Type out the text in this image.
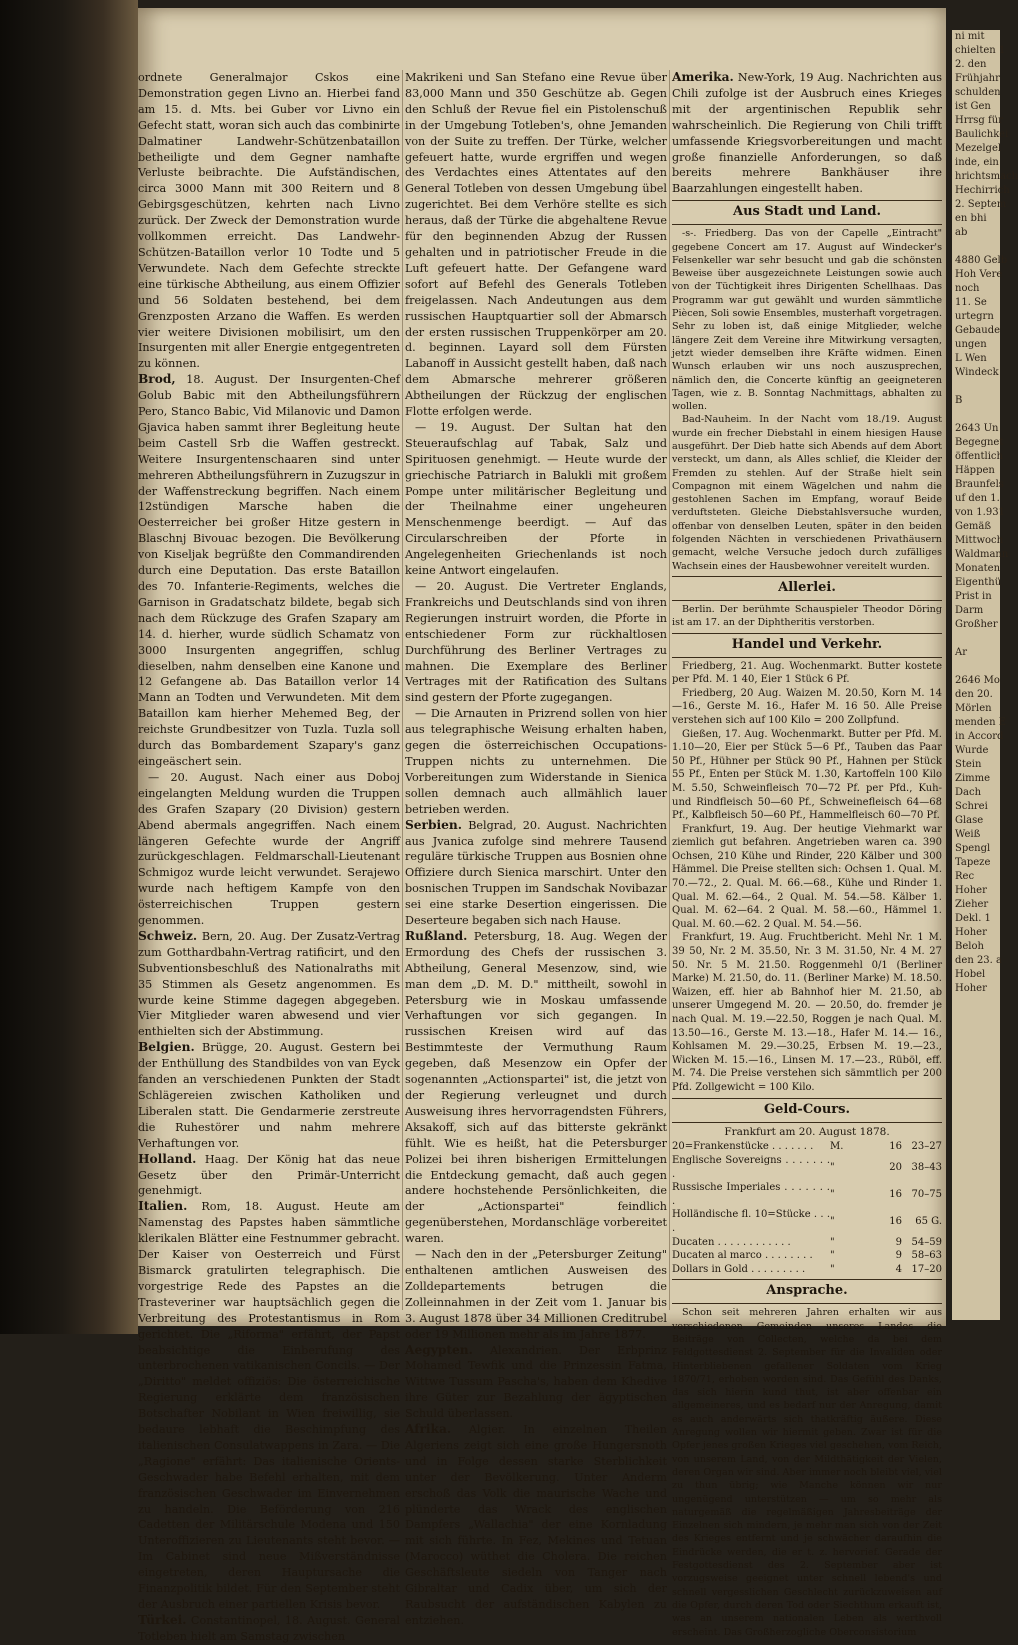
ordnete Generalmajor Cskos eine Demonstration gegen Livno an. Hierbei fand am 15. d. Mts. bei Guber vor Livno ein Gefecht statt, woran sich auch das combinirte Dalmatiner Landwehr-Schützenbataillon betheiligte und dem Gegner namhafte Verluste beibrachte. Die Aufständischen, circa 3000 Mann mit 300 Reitern und 8 Gebirgsgeschützen, kehrten nach Livno zurück. Der Zweck der Demonstration wurde vollkommen erreicht. Das Landwehr-Schützen-Bataillon verlor 10 Todte und 5 Verwundete. Nach dem Gefechte streckte eine türkische Abtheilung, aus einem Offizier und 56 Soldaten bestehend, bei dem Grenzposten Arzano die Waffen. Es werden vier weitere Divisionen mobilisirt, um den Insurgenten mit aller Energie entgegentreten zu können.

Brod, 18. August. Der Insurgenten-Chef Golub Babic mit den Abtheilungsführern Pero, Stanco Babic, Vid Milanovic und Damon Gjavica haben sammt ihrer Begleitung heute beim Castell Srb die Waffen gestreckt. Weitere Insurgentenschaaren sind unter mehreren Abtheilungsführern in Zuzugszur in der Waffenstreckung begriffen. Nach einem 12stündigen Marsche haben die Oesterreicher bei großer Hitze gestern in Blaschnj Bivouac bezogen. Die Bevölkerung von Kiseljak begrüßte den Commandirenden durch eine Deputation. Das erste Bataillon des 70. Infanterie-Regiments, welches die Garnison in Gradatschatz bildete, begab sich nach dem Rückzuge des Grafen Szapary am 14. d. hierher, wurde südlich Schamatz von 3000 Insurgenten angegriffen, schlug dieselben, nahm denselben eine Kanone und 12 Gefangene ab. Das Bataillon verlor 14 Mann an Todten und Verwundeten. Mit dem Bataillon kam hierher Mehemed Beg, der reichste Grundbesitzer von Tuzla. Tuzla soll durch das Bombardement Szapary's ganz eingeäschert sein.

— 20. August. Nach einer aus Doboj eingelangten Meldung wurden die Truppen des Grafen Szapary (20 Division) gestern Abend abermals angegriffen. Nach einem längeren Gefechte wurde der Angriff zurückgeschlagen. Feldmarschall-Lieutenant Schmigoz wurde leicht verwundet. Serajewo wurde nach heftigem Kampfe von den österreichischen Truppen gestern genommen.

Schweiz. Bern, 20. Aug. Der Zusatz-Vertrag zum Gotthardbahn-Vertrag ratificirt, und den Subventionsbeschluß des Nationalraths mit 35 Stimmen als Gesetz angenommen. Es wurde keine Stimme dagegen abgegeben. Vier Mitglieder waren abwesend und vier enthielten sich der Abstimmung.

Belgien. Brügge, 20. August. Gestern bei der Enthüllung des Standbildes von van Eyck fanden an verschiedenen Punkten der Stadt Schlägereien zwischen Katholiken und Liberalen statt. Die Gendarmerie zerstreute die Ruhestörer und nahm mehrere Verhaftungen vor.

Holland. Haag. Der König hat das neue Gesetz über den Primär-Unterricht genehmigt.

Italien. Rom, 18. August. Heute am Namenstag des Papstes haben sämmtliche klerikalen Blätter eine Festnummer gebracht. Der Kaiser von Oesterreich und Fürst Bismarck gratulirten telegraphisch. Die vorgestrige Rede des Papstes an die Trasteveriner war hauptsächlich gegen die Verbreitung des Protestantismus in Rom gerichtet. Die „Riforma" erfährt, der Papst beabsichtige die Einberufung des unterbrochenen vatikanischen Concils. — Der „Diritto" meldet offiziös: Die österreichische Regierung erklärte dem französischen Botschafter Nobilant in Wien freiwillig, sie bedaure lebhaft die Beschimpfung des italienischen Consulatwappens in Zara. — Die „Ragione" erfährt: Das italienische Orients-Geschwader habe Befehl erhalten, mit dem französischen Geschwader im Einvernehmen zu handeln. Die Beförderung von 216 Cadetten der Militärschule Modena und 150 Unteroffizieren zu Lieutenants steht bevor. — Im Cabinet sind neue Mißverständnisse eingetreten, deren Hauptursache die Finanzpolitik bildet. Für den September steht der Ausbruch einer partiellen Krisis bevor.

Türkei. Constantinopel, 18. August. General Totleben hielt am Samstag zwischen

Makrikeni und San Stefano eine Revue über 83,000 Mann und 350 Geschütze ab. Gegen den Schluß der Revue fiel ein Pistolenschuß in der Umgebung Totleben's, ohne Jemanden von der Suite zu treffen. Der Türke, welcher gefeuert hatte, wurde ergriffen und wegen des Verdachtes eines Attentates auf den General Totleben von dessen Umgebung übel zugerichtet. Bei dem Verhöre stellte es sich heraus, daß der Türke die abgehaltene Revue für den beginnenden Abzug der Russen gehalten und in patriotischer Freude in die Luft gefeuert hatte. Der Gefangene ward sofort auf Befehl des Generals Totleben freigelassen. Nach Andeutungen aus dem russischen Hauptquartier soll der Abmarsch der ersten russischen Truppenkörper am 20. d. beginnen. Layard soll dem Fürsten Labanoff in Aussicht gestellt haben, daß nach dem Abmarsche mehrerer größeren Abtheilungen der Rückzug der englischen Flotte erfolgen werde.

— 19. August. Der Sultan hat den Steueraufschlag auf Tabak, Salz und Spirituosen genehmigt. — Heute wurde der griechische Patriarch in Balukli mit großem Pompe unter militärischer Begleitung und der Theilnahme einer ungeheuren Menschenmenge beerdigt. — Auf das Circularschreiben der Pforte in Angelegenheiten Griechenlands ist noch keine Antwort eingelaufen.

— 20. August. Die Vertreter Englands, Frankreichs und Deutschlands sind von ihren Regierungen instruirt worden, die Pforte in entschiedener Form zur rückhaltlosen Durchführung des Berliner Vertrages zu mahnen. Die Exemplare des Berliner Vertrages mit der Ratification des Sultans sind gestern der Pforte zugegangen.

— Die Arnauten in Prizrend sollen von hier aus telegraphische Weisung erhalten haben, gegen die österreichischen Occupations-Truppen nichts zu unternehmen. Die Vorbereitungen zum Widerstande in Sienica sollen demnach auch allmählich lauer betrieben werden.

Serbien. Belgrad, 20. August. Nachrichten aus Jvanica zufolge sind mehrere Tausend reguläre türkische Truppen aus Bosnien ohne Offiziere durch Sienica marschirt. Unter den bosnischen Truppen im Sandschak Novibazar sei eine starke Desertion eingerissen. Die Deserteure begaben sich nach Hause.

Rußland. Petersburg, 18. Aug. Wegen der Ermordung des Chefs der russischen 3. Abtheilung, General Mesenzow, sind, wie man dem „D. M. D." mittheilt, sowohl in Petersburg wie in Moskau umfassende Verhaftungen vor sich gegangen. In russischen Kreisen wird auf das Bestimmteste der Vermuthung Raum gegeben, daß Mesenzow ein Opfer der sogenannten „Actionspartei" ist, die jetzt von der Regierung verleugnet und durch Ausweisung ihres hervorragendsten Führers, Aksakoff, sich auf das bitterste gekränkt fühlt. Wie es heißt, hat die Petersburger Polizei bei ihren bisherigen Ermittelungen die Entdeckung gemacht, daß auch gegen andere hochstehende Persönlichkeiten, die der „Actionspartei" feindlich gegenüberstehen, Mordanschläge vorbereitet waren.

— Nach den in der „Petersburger Zeitung" enthaltenen amtlichen Ausweisen des Zolldepartements betrugen die Zolleinnahmen in der Zeit vom 1. Januar bis 3. August 1878 über 34 Millionen Creditrubel oder 19 Millionen mehr als im Jahre 1877.

Aegypten. Alexandrien. Der Erbprinz Mohamed Tewfik und die Prinzessin Fatma, Wittwe Tussum Pascha's, haben dem Khedive ihre Güter zur Bezahlung der ägyptischen Schuld überlassen.

Afrika. Algier. In einzelnen Theilen Algeriens zeigt sich eine große Hungersnoth und in Folge dessen starke Sterblichkeit unter der Bevölkerung. Unter Anderm erschoß das Volk die maurische Wache und plünderte das Wrack des englischen Dampfers „Wallachia" der eine Kornladung mit sich führte. In Fez, Mekines und Tetuan (Marocco) wüthet die Cholera. Die reichen Geschäftsleute siedeln von Tanger nach Gibraltar und Cadix über, um sich der Raubsucht der aufständischen Kabylen zu entziehen.

Amerika. New-York, 19 Aug. Nachrichten aus Chili zufolge ist der Ausbruch eines Krieges mit der argentinischen Republik sehr wahrscheinlich. Die Regierung von Chili trifft umfassende Kriegsvorbereitungen und macht große finanzielle Anforderungen, so daß bereits mehrere Bankhäuser ihre Baarzahlungen eingestellt haben.

Aus Stadt und Land.

-s-. Friedberg. Das von der Capelle „Eintracht" gegebene Concert am 17. August auf Windecker's Felsenkeller war sehr besucht und gab die schönsten Beweise über ausgezeichnete Leistungen sowie auch von der Tüchtigkeit ihres Dirigenten Schellhaas. Das Programm war gut gewählt und wurden sämmtliche Piècen, Soli sowie Ensembles, musterhaft vorgetragen. Sehr zu loben ist, daß einige Mitglieder, welche längere Zeit dem Vereine ihre Mitwirkung versagten, jetzt wieder demselben ihre Kräfte widmen. Einen Wunsch erlauben wir uns noch auszusprechen, nämlich den, die Concerte künftig an geeigneteren Tagen, wie z. B. Sonntag Nachmittags, abhalten zu wollen.

Bad-Nauheim. In der Nacht vom 18./19. August wurde ein frecher Diebstahl in einem hiesigen Hause ausgeführt. Der Dieb hatte sich Abends auf dem Abort versteckt, um dann, als Alles schlief, die Kleider der Fremden zu stehlen. Auf der Straße hielt sein Compagnon mit einem Wägelchen und nahm die gestohlenen Sachen im Empfang, worauf Beide verduftsteten. Gleiche Diebstahlsversuche wurden, offenbar von denselben Leuten, später in den beiden folgenden Nächten in verschiedenen Privathäusern gemacht, welche Versuche jedoch durch zufälliges Wachsein eines der Hausbewohner vereitelt wurden.

Allerlei.

Berlin. Der berühmte Schauspieler Theodor Döring ist am 17. an der Diphtheritis verstorben.

Handel und Verkehr.

Friedberg, 21. Aug. Wochenmarkt. Butter kostete per Pfd. M. 1 40, Eier 1 Stück 6 Pf.

Friedberg, 20 Aug. Waizen M. 20.50, Korn M. 14 —16., Gerste M. 16., Hafer M. 16 50. Alle Preise verstehen sich auf 100 Kilo = 200 Zollpfund.

Gießen, 17. Aug. Wochenmarkt. Butter per Pfd. M. 1.10—20, Eier per Stück 5—6 Pf., Tauben das Paar 50 Pf., Hühner per Stück 90 Pf., Hahnen per Stück 55 Pf., Enten per Stück M. 1.30, Kartoffeln 100 Kilo M. 5.50, Schweinfleisch 70—72 Pf. per Pfd., Kuh- und Rindfleisch 50—60 Pf., Schweinefleisch 64—68 Pf., Kalbfleisch 50—60 Pf., Hammelfleisch 60—70 Pf.

Frankfurt, 19. Aug. Der heutige Viehmarkt war ziemlich gut befahren. Angetrieben waren ca. 390 Ochsen, 210 Kühe und Rinder, 220 Kälber und 300 Hämmel. Die Preise stellten sich: Ochsen 1. Qual. M. 70.—72., 2. Qual. M. 66.—68., Kühe und Rinder 1. Qual. M. 62.—64., 2 Qual. M. 54.—58. Kälber 1. Qual. M. 62—64. 2 Qual. M. 58.—60., Hämmel 1. Qual. M. 60.—62. 2 Qual. M. 54.—56.

Frankfurt, 19. Aug. Fruchtbericht. Mehl Nr. 1 M. 39 50, Nr. 2 M. 35.50, Nr. 3 M. 31.50, Nr. 4 M. 27 50. Nr. 5 M. 21.50. Roggenmehl 0/1 (Berliner Marke) M. 21.50, do. 11. (Berliner Marke) M. 18.50. Waizen, eff. hier ab Bahnhof hier M. 21.50, ab unserer Umgegend M. 20. — 20.50, do. fremder je nach Qual. M. 19.—22.50, Roggen je nach Qual. M. 13.50—16., Gerste M. 13.—18., Hafer M. 14.— 16., Kohlsamen M. 29.—30.25, Erbsen M. 19.—23., Wicken M. 15.—16., Linsen M. 17.—23., Rüböl, eff. M. 74. Die Preise verstehen sich sämmtlich per 200 Pfd. Zollgewicht = 100 Kilo.

Geld-Cours.
Frankfurt am 20. August 1878.
20=Frankenstücke . . . . . . .	M.	16	23–27
Englische Sovereigns . . . . . . . .	"	20	38–43
Russische Imperiales . . . . . . . .	"	16	70–75
Holländische fl. 10=Stücke . . . .	"	16	65 G.
Ducaten . . . . . . . . . . . .	"	9	54–59
Ducaten al marco . . . . . . . .	"	9	58–63
Dollars in Gold . . . . . . . . .	"	4	17–20
Ansprache.

Schon seit mehreren Jahren erhalten wir aus verschiedenen Gemeinden unseres Landes die Beiträge von Collecten, welche da bei dem Feldgottesdienst 2. September für die Invaliden oder Hinterbliebenen gefallener Soldaten vom Krieg 1870/71, erhoben worden sind. Das Gefühl des Danks, das sich hierin kund thut, ist aber offenbar ein allgemeineres, und es bedarf nur der Anregung, damit es auch anderwärts sich thatkräftig äußere. Diese Anregung wollen wir hiermit geben. Zwar ist für die Opfer jenes großen Krieges viel geschehen, vom Reich, von unserem Land, von der Mildthätigkeit der Vielen, deren Organ wir sind. Aber immer noch bleibt viel, viel zu thun übrig; wie Manche können wir nur ungenügend unterstützen — um so mehr als naturgemäß die regelmäßigen Jahresbeiträge der Einzelnen sich mindern, je mehr man sich von der Zeit des Krieges entfernt und je schwächer daraufhin die Eindrücke werden, die er t. z. hervorief. Gerade der Festgottesdienst des 2. September aber ist vorzugsweise geeignet unter schnell lebend's und schnell vergesslichen Geschlecht zurückzuweisen auf die Opfer, durch deren Tod oder Siechthum erkauft ist, was an unserem nationalen Leben als werthvoll erscheint. Das Großherzogliche Oberconsistorium

ni mit
chielten 1
2. den
Frühjahr
schulden
ist Gen
Hrrsg für
Baulichkei
Mezelgel
inde, ein
hrichtsmach
Hechirrich
2. Septem
en bhi
ab

4880 Gelb
Hoh Vere
noch
11. Se
urtegrn
Gebaude
ungen
L Wen
Windeck

B

2643 Un
Begegnet
öffentlich
Häppen
Braunfels
uf den 1.
von 1.931
Gemäß
Mittwoch
Waldmann
Monaten
Eigenthü
Prist in
Darm
Großher

Ar

2646 Mo
den 20.
Mörlen
menden E
in Accord
Wurde
Stein
Zimme
Dach
Schrei
Glase
Weiß
Spengl
Tapeze
Rec
Hoher
Zieher
Dekl. 1
Hoher
Beloh
den 23. a
Hobel
Hoher
